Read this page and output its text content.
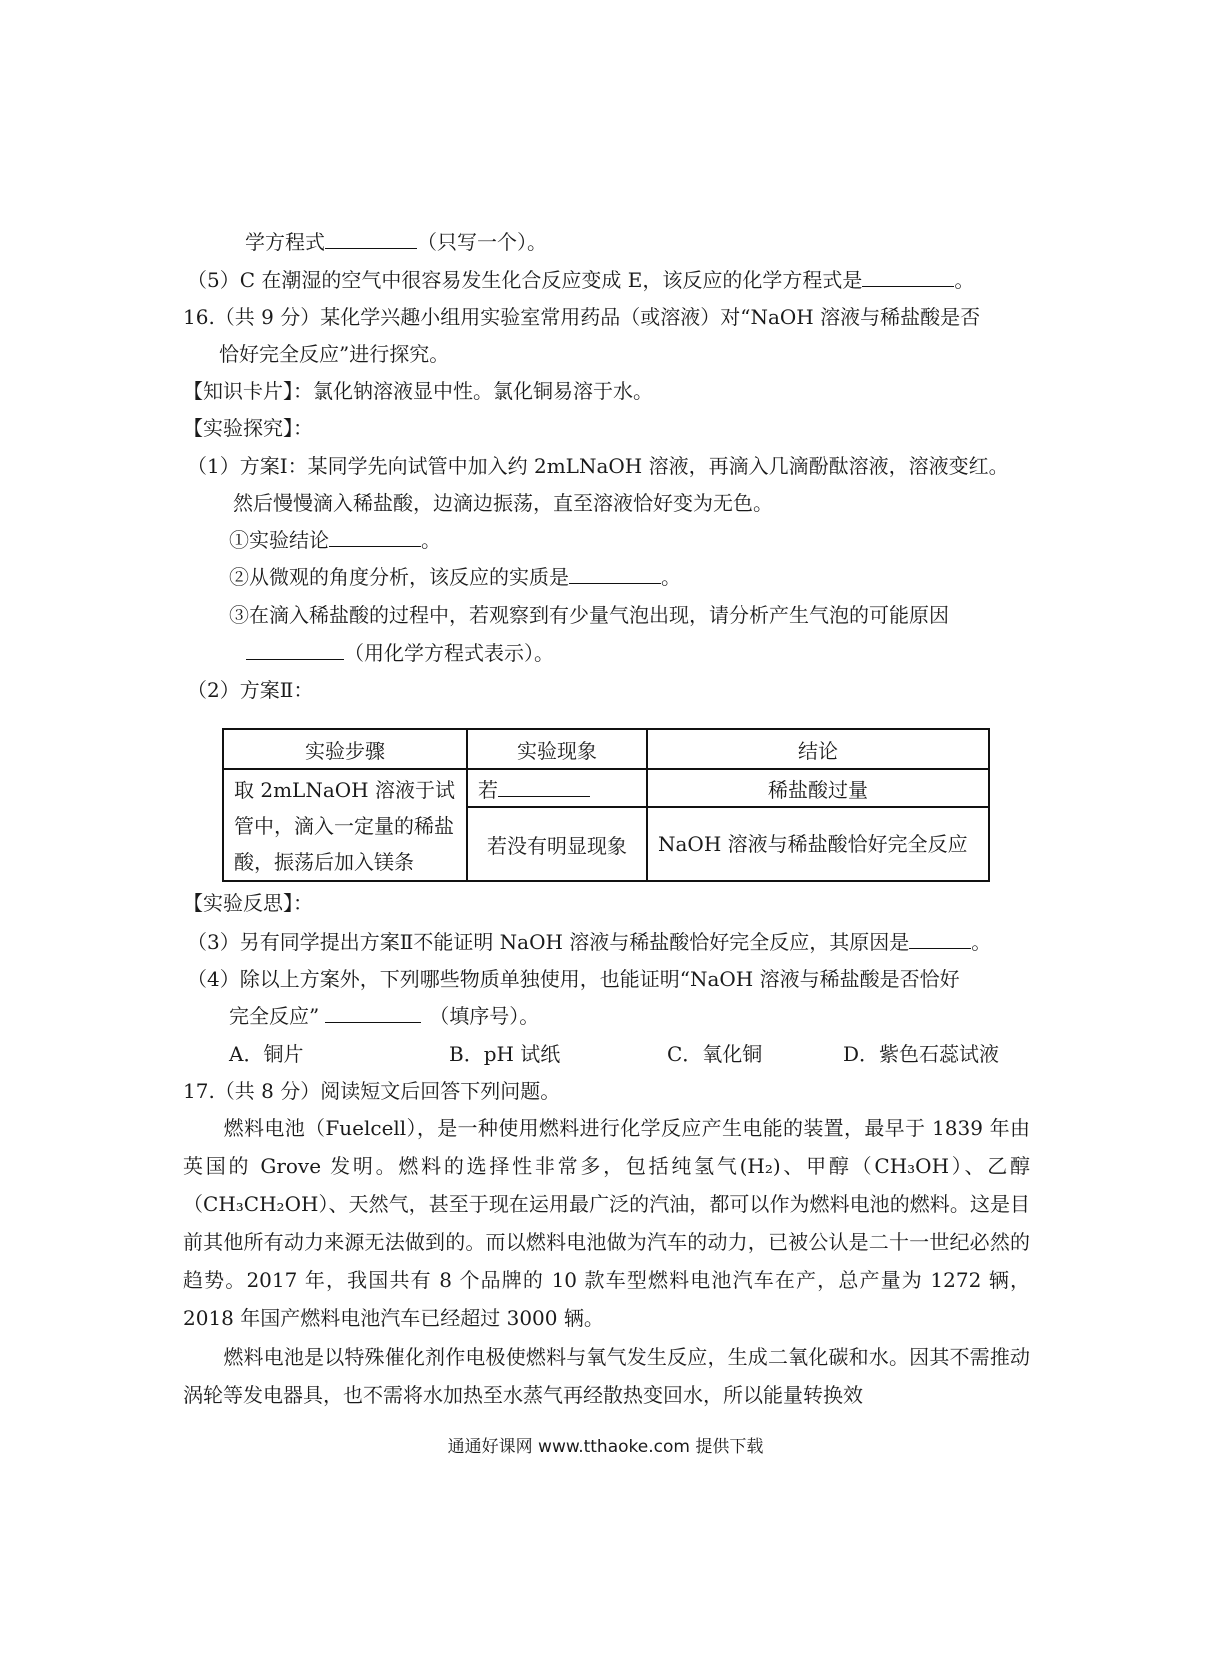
学方程式	（只写一个）。
（5）C 在潮湿的空气中很容易发生化合反应变成 E，该反应的化学方程式是	。
16.（共 9 分）某化学兴趣小组用实验室常用药品（或溶液）对“NaOH 溶液与稀盐酸是否
恰好完全反应”进行探究。
【知识卡片】：氯化钠溶液显中性。氯化铜易溶于水。
【实验探究】：
（1）方案Ⅰ：某同学先向试管中加入约 2mLNaOH 溶液，再滴入几滴酚酞溶液，溶液变红。
然后慢慢滴入稀盐酸，边滴边振荡，直至溶液恰好变为无色。
①实验结论	。
②从微观的角度分析，该反应的实质是	。
③在滴入稀盐酸的过程中，若观察到有少量气泡出现，请分析产生气泡的可能原因
（用化学方程式表示）。
（2）方案Ⅱ：
实验步骤	实验现象	结论
取 2mLNaOH 溶液于试管中，滴入一定量的稀盐酸，振荡后加入镁条	若	稀盐酸过量
	若没有明显现象	NaOH 溶液与稀盐酸恰好完全反应
【实验反思】：
（3）另有同学提出方案Ⅱ不能证明 NaOH 溶液与稀盐酸恰好完全反应，其原因是	。
（4）除以上方案外，下列哪些物质单独使用，也能证明“NaOH 溶液与稀盐酸是否恰好
完全反应”	（填序号）。
A．铜片	B．pH 试纸	C．氧化铜	D．紫色石蕊试液
17.（共 8 分）阅读短文后回答下列问题。
　　燃料电池（Fuelcell），是一种使用燃料进行化学反应产生电能的装置，最早于 1839 年由英国的 Grove 发明。燃料的选择性非常多，包括纯氢气(H₂)、甲醇（CH₃OH）、乙醇（CH₃CH₂OH）、天然气，甚至于现在运用最广泛的汽油，都可以作为燃料电池的燃料。这是目前其他所有动力来源无法做到的。而以燃料电池做为汽车的动力，已被公认是二十一世纪必然的趋势。2017 年，我国共有 8 个品牌的 10 款车型燃料电池汽车在产，总产量为 1272 辆，2018 年国产燃料电池汽车已经超过 3000 辆。
　　燃料电池是以特殊催化剂作电极使燃料与氧气发生反应，生成二氧化碳和水。因其不需推动涡轮等发电器具，也不需将水加热至水蒸气再经散热变回水，所以能量转换效
通通好课网 www.tthaoke.com 提供下载
